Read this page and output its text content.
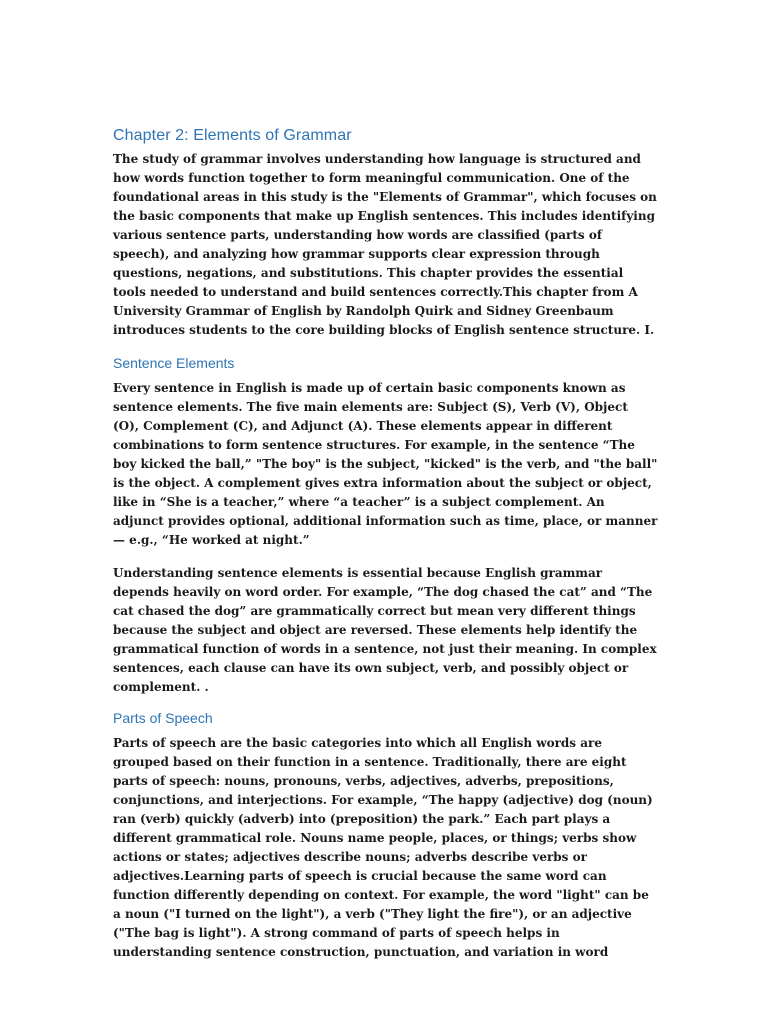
Chapter 2: Elements of Grammar

The study of grammar involves understanding how language is structured and how words function together to form meaningful communication. One of the foundational areas in this study is the "Elements of Grammar", which focuses on the basic components that make up English sentences. This includes identifying various sentence parts, understanding how words are classified (parts of speech), and analyzing how grammar supports clear expression through questions, negations, and substitutions. This chapter provides the essential tools needed to understand and build sentences correctly.This chapter from A University Grammar of English by Randolph Quirk and Sidney Greenbaum introduces students to the core building blocks of English sentence structure. I.

Sentence Elements

Every sentence in English is made up of certain basic components known as sentence elements. The five main elements are: Subject (S), Verb (V), Object (O), Complement (C), and Adjunct (A). These elements appear in different combinations to form sentence structures. For example, in the sentence “The boy kicked the ball,” "The boy" is the subject, "kicked" is the verb, and "the ball" is the object. A complement gives extra information about the subject or object, like in “She is a teacher,” where “a teacher” is a subject complement. An adjunct provides optional, additional information such as time, place, or manner — e.g., “He worked at night.”

Understanding sentence elements is essential because English grammar depends heavily on word order. For example, “The dog chased the cat” and “The cat chased the dog” are grammatically correct but mean very different things because the subject and object are reversed. These elements help identify the grammatical function of words in a sentence, not just their meaning. In complex sentences, each clause can have its own subject, verb, and possibly object or complement. .

Parts of Speech

Parts of speech are the basic categories into which all English words are grouped based on their function in a sentence. Traditionally, there are eight parts of speech: nouns, pronouns, verbs, adjectives, adverbs, prepositions, conjunctions, and interjections. For example, “The happy (adjective) dog (noun) ran (verb) quickly (adverb) into (preposition) the park.” Each part plays a different grammatical role. Nouns name people, places, or things; verbs show actions or states; adjectives describe nouns; adverbs describe verbs or adjectives.Learning parts of speech is crucial because the same word can function differently depending on context. For example, the word "light" can be a noun ("I turned on the light"), a verb ("They light the fire"), or an adjective ("The bag is light"). A strong command of parts of speech helps in understanding sentence construction, punctuation, and variation in word
